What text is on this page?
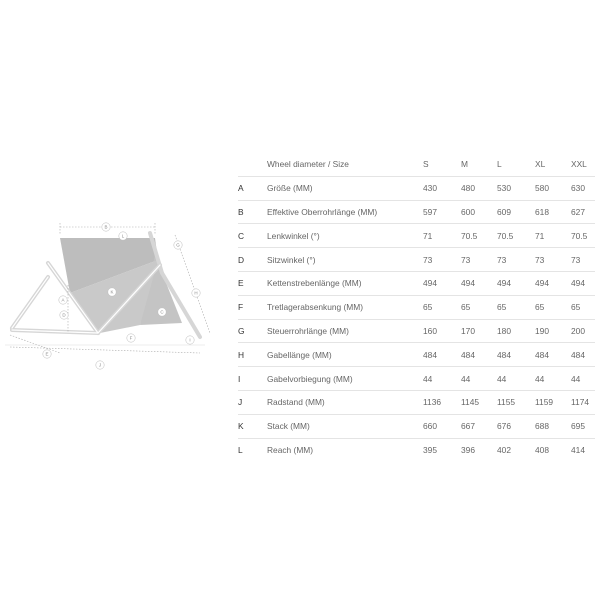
B
L
G
K	H
C
A
D
F	I
E
J
	Wheel diameter / Size	S	M	L	XL	XXL
A	Größe (MM)	430	480	530	580	630
B	Effektive Oberrohrlänge (MM)	597	600	609	618	627
C	Lenkwinkel (°)	71	70.5	70.5	71	70.5
D	Sitzwinkel (°)	73	73	73	73	73
E	Kettenstrebenlänge (MM)	494	494	494	494	494
F	Tretlagerabsenkung (MM)	65	65	65	65	65
G	Steuerrohrlänge (MM)	160	170	180	190	200
H	Gabellänge (MM)	484	484	484	484	484
I	Gabelvorbiegung (MM)	44	44	44	44	44
J	Radstand (MM)	1136	1145	1155	1159	1174
K	Stack (MM)	660	667	676	688	695
L	Reach (MM)	395	396	402	408	414
